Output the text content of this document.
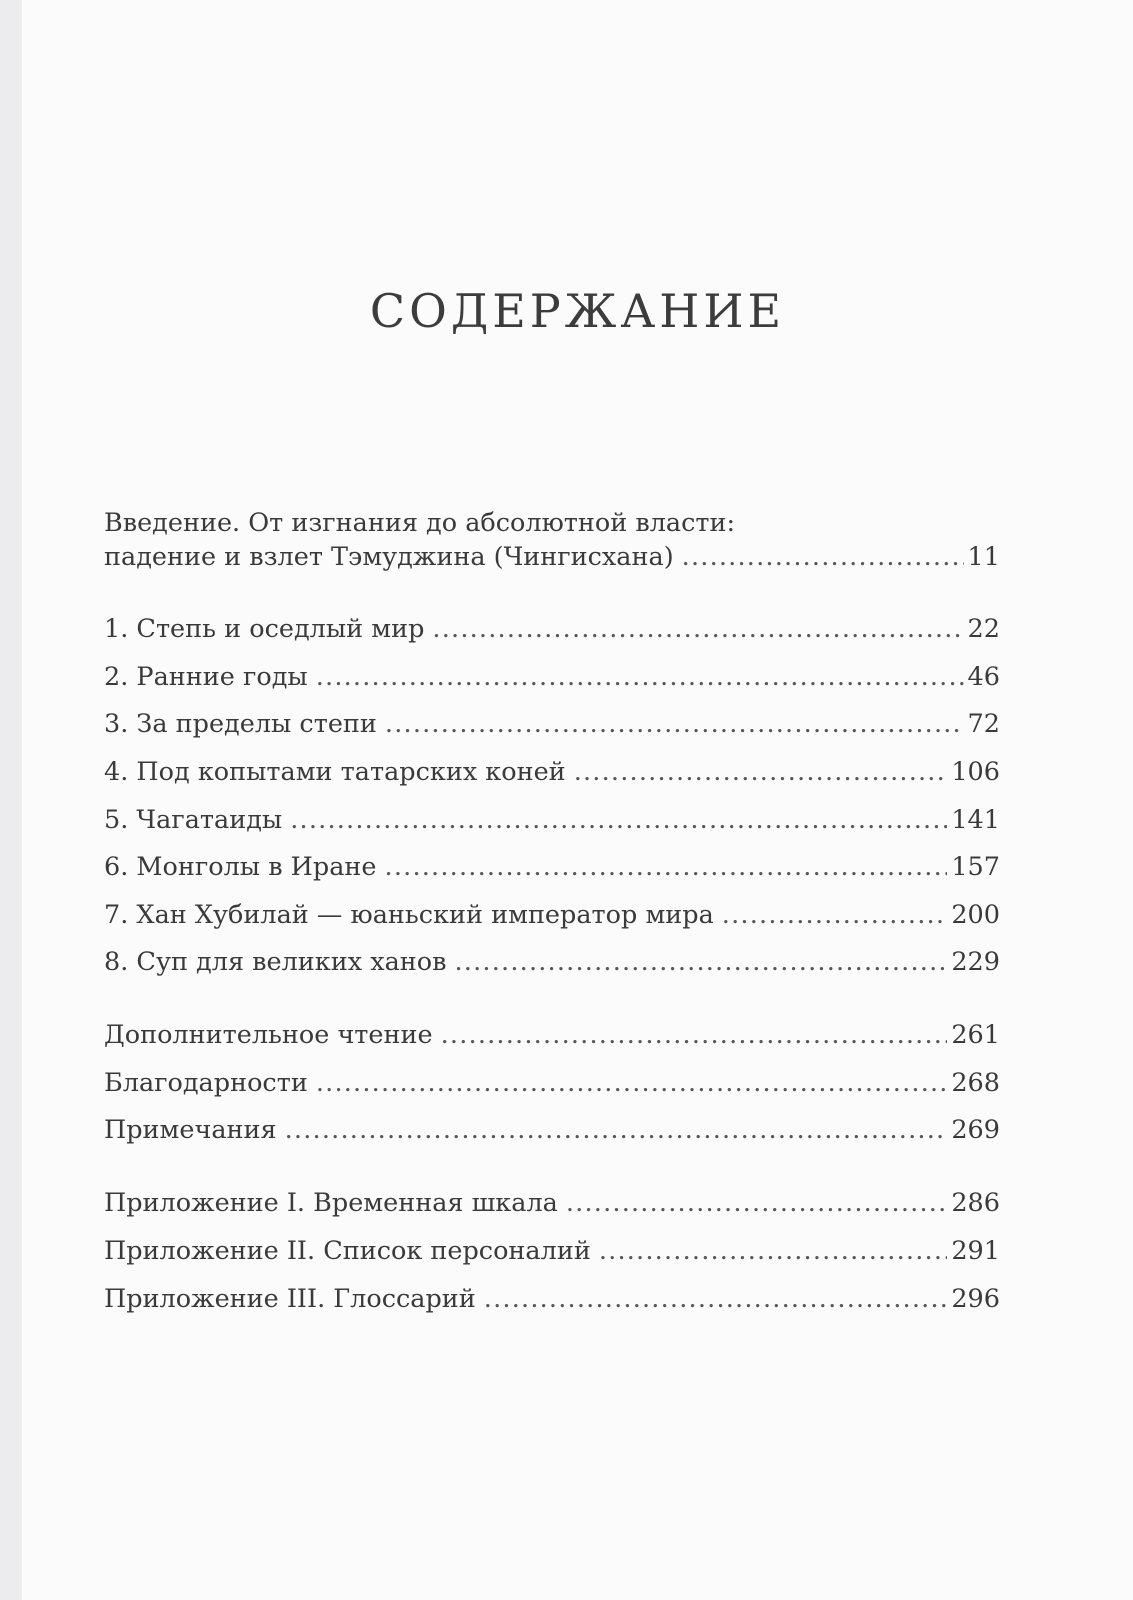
СОДЕРЖАНИЕ
Введение. От изгнания до абсолютной власти:
падение и взлет Тэмуджина (Чингисхана) .....	11
1. Степь и оседлый мир .....	22
2. Ранние годы .....	46
3. За пределы степи .....	72
4. Под копытами татарских коней .....	106
5. Чагатаиды .....	141
6. Монголы в Иране .....	157
7. Хан Хубилай — юаньский император мира .....	200
8. Суп для великих ханов .....	229
Дополнительное чтение .....	261
Благодарности .....	268
Примечания .....	269
Приложение I. Временная шкала .....	286
Приложение II. Список персоналий .....	291
Приложение III. Глоссарий .....	296
